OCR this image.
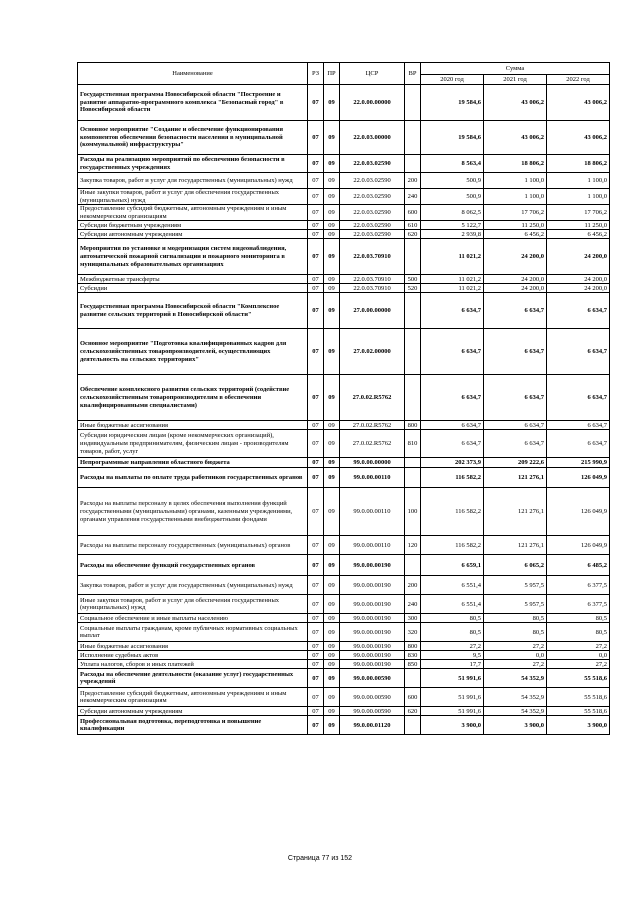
Наименование	РЗ	ПР	ЦСР	ВР	Сумма		
					2020 год	2021 год	2022 год
Государственная программа Новосибирской области "Построение и развитие аппаратно-программного комплекса "Безопасный город" в Новосибирской области	07	09	22.0.00.00000		19 584,6	43 006,2	43 006,2
Основное мероприятие "Создание и обеспечение функционирования компонентов обеспечения безопасности населения в муниципальной (коммунальной) инфраструктуры"	07	09	22.0.03.00000		19 584,6	43 006,2	43 006,2
Расходы на реализацию мероприятий по обеспечению безопасности в государственных учреждениях	07	09	22.0.03.02590		8 563,4	18 806,2	18 806,2
Закупка товаров, работ и услуг для государственных (муниципальных) нужд	07	09	22.0.03.02590	200	500,9	1 100,0	1 100,0
Иные закупки товаров, работ и услуг для обеспечения государственных (муниципальных) нужд	07	09	22.0.03.02590	240	500,9	1 100,0	1 100,0
Предоставление субсидий бюджетным, автономным учреждениям и иным некоммерческим организациям	07	09	22.0.03.02590	600	8 062,5	17 706,2	17 706,2
Субсидии бюджетным учреждениям	07	09	22.0.03.02590	610	5 122,7	11 250,0	11 250,0
Субсидии автономным учреждениям	07	09	22.0.03.02590	620	2 939,8	6 456,2	6 456,2
Мероприятия по установке и модернизации систем видеонаблюдения, автоматической пожарной сигнализации и пожарного мониторинга в муниципальных образовательных организациях	07	09	22.0.03.70910		11 021,2	24 200,0	24 200,0
Межбюджетные трансферты	07	09	22.0.03.70910	500	11 021,2	24 200,0	24 200,0
Субсидии	07	09	22.0.03.70910	520	11 021,2	24 200,0	24 200,0
Государственная программа Новосибирской области "Комплексное развитие сельских территорий в Новосибирской области"	07	09	27.0.00.00000		6 634,7	6 634,7	6 634,7
Основное мероприятие "Подготовка квалифицированных кадров для сельскохозяйственных товаропроизводителей, осуществляющих деятельность на сельских территориях"	07	09	27.0.02.00000		6 634,7	6 634,7	6 634,7
Обеспечение комплексного развития сельских территорий (содействие сельскохозяйственным товаропроизводителям в обеспечении квалифицированными специалистами)	07	09	27.0.02.R5762		6 634,7	6 634,7	6 634,7
Иные бюджетные ассигнования	07	09	27.0.02.R5762	800	6 634,7	6 634,7	6 634,7
Субсидии юридическим лицам (кроме некоммерческих организаций), индивидуальным предпринимателям, физическим лицам - производителям товаров, работ, услуг	07	09	27.0.02.R5762	810	6 634,7	6 634,7	6 634,7
Непрограммные направления областного бюджета	07	09	99.0.00.00000		202 373,9	209 222,6	215 990,9
Расходы на выплаты по оплате труда работников государственных органов	07	09	99.0.00.00110		116 582,2	121 276,1	126 049,9
Расходы на выплаты персоналу в целях обеспечения выполнения функций государственными (муниципальными) органами, казенными учреждениями, органами управления государственными внебюджетными фондами	07	09	99.0.00.00110	100	116 582,2	121 276,1	126 049,9
Расходы на выплаты персоналу государственных (муниципальных) органов	07	09	99.0.00.00110	120	116 582,2	121 276,1	126 049,9
Расходы на обеспечение функций государственных органов	07	09	99.0.00.00190		6 659,1	6 065,2	6 485,2
Закупка товаров, работ и услуг для государственных (муниципальных) нужд	07	09	99.0.00.00190	200	6 551,4	5 957,5	6 377,5
Иные закупки товаров, работ и услуг для обеспечения государственных (муниципальных) нужд	07	09	99.0.00.00190	240	6 551,4	5 957,5	6 377,5
Социальное обеспечение и иные выплаты населению	07	09	99.0.00.00190	300	80,5	80,5	80,5
Социальные выплаты гражданам, кроме публичных нормативных социальных выплат	07	09	99.0.00.00190	320	80,5	80,5	80,5
Иные бюджетные ассигнования	07	09	99.0.00.00190	800	27,2	27,2	27,2
Исполнение судебных актов	07	09	99.0.00.00190	830	9,5	0,0	0,0
Уплата налогов, сборов и иных платежей	07	09	99.0.00.00190	850	17,7	27,2	27,2
Расходы на обеспечение деятельности (оказание услуг) государственных учреждений	07	09	99.0.00.00590		51 991,6	54 352,9	55 518,6
Предоставление субсидий бюджетным, автономным учреждениям и иным некоммерческим организациям	07	09	99.0.00.00590	600	51 991,6	54 352,9	55 518,6
Субсидии автономным учреждениям	07	09	99.0.00.00590	620	51 991,6	54 352,9	55 518,6
Профессиональная подготовка, переподготовка и повышение квалификации	07	09	99.0.00.01120		3 900,0	3 900,0	3 900,0
Страница 77 из 152
